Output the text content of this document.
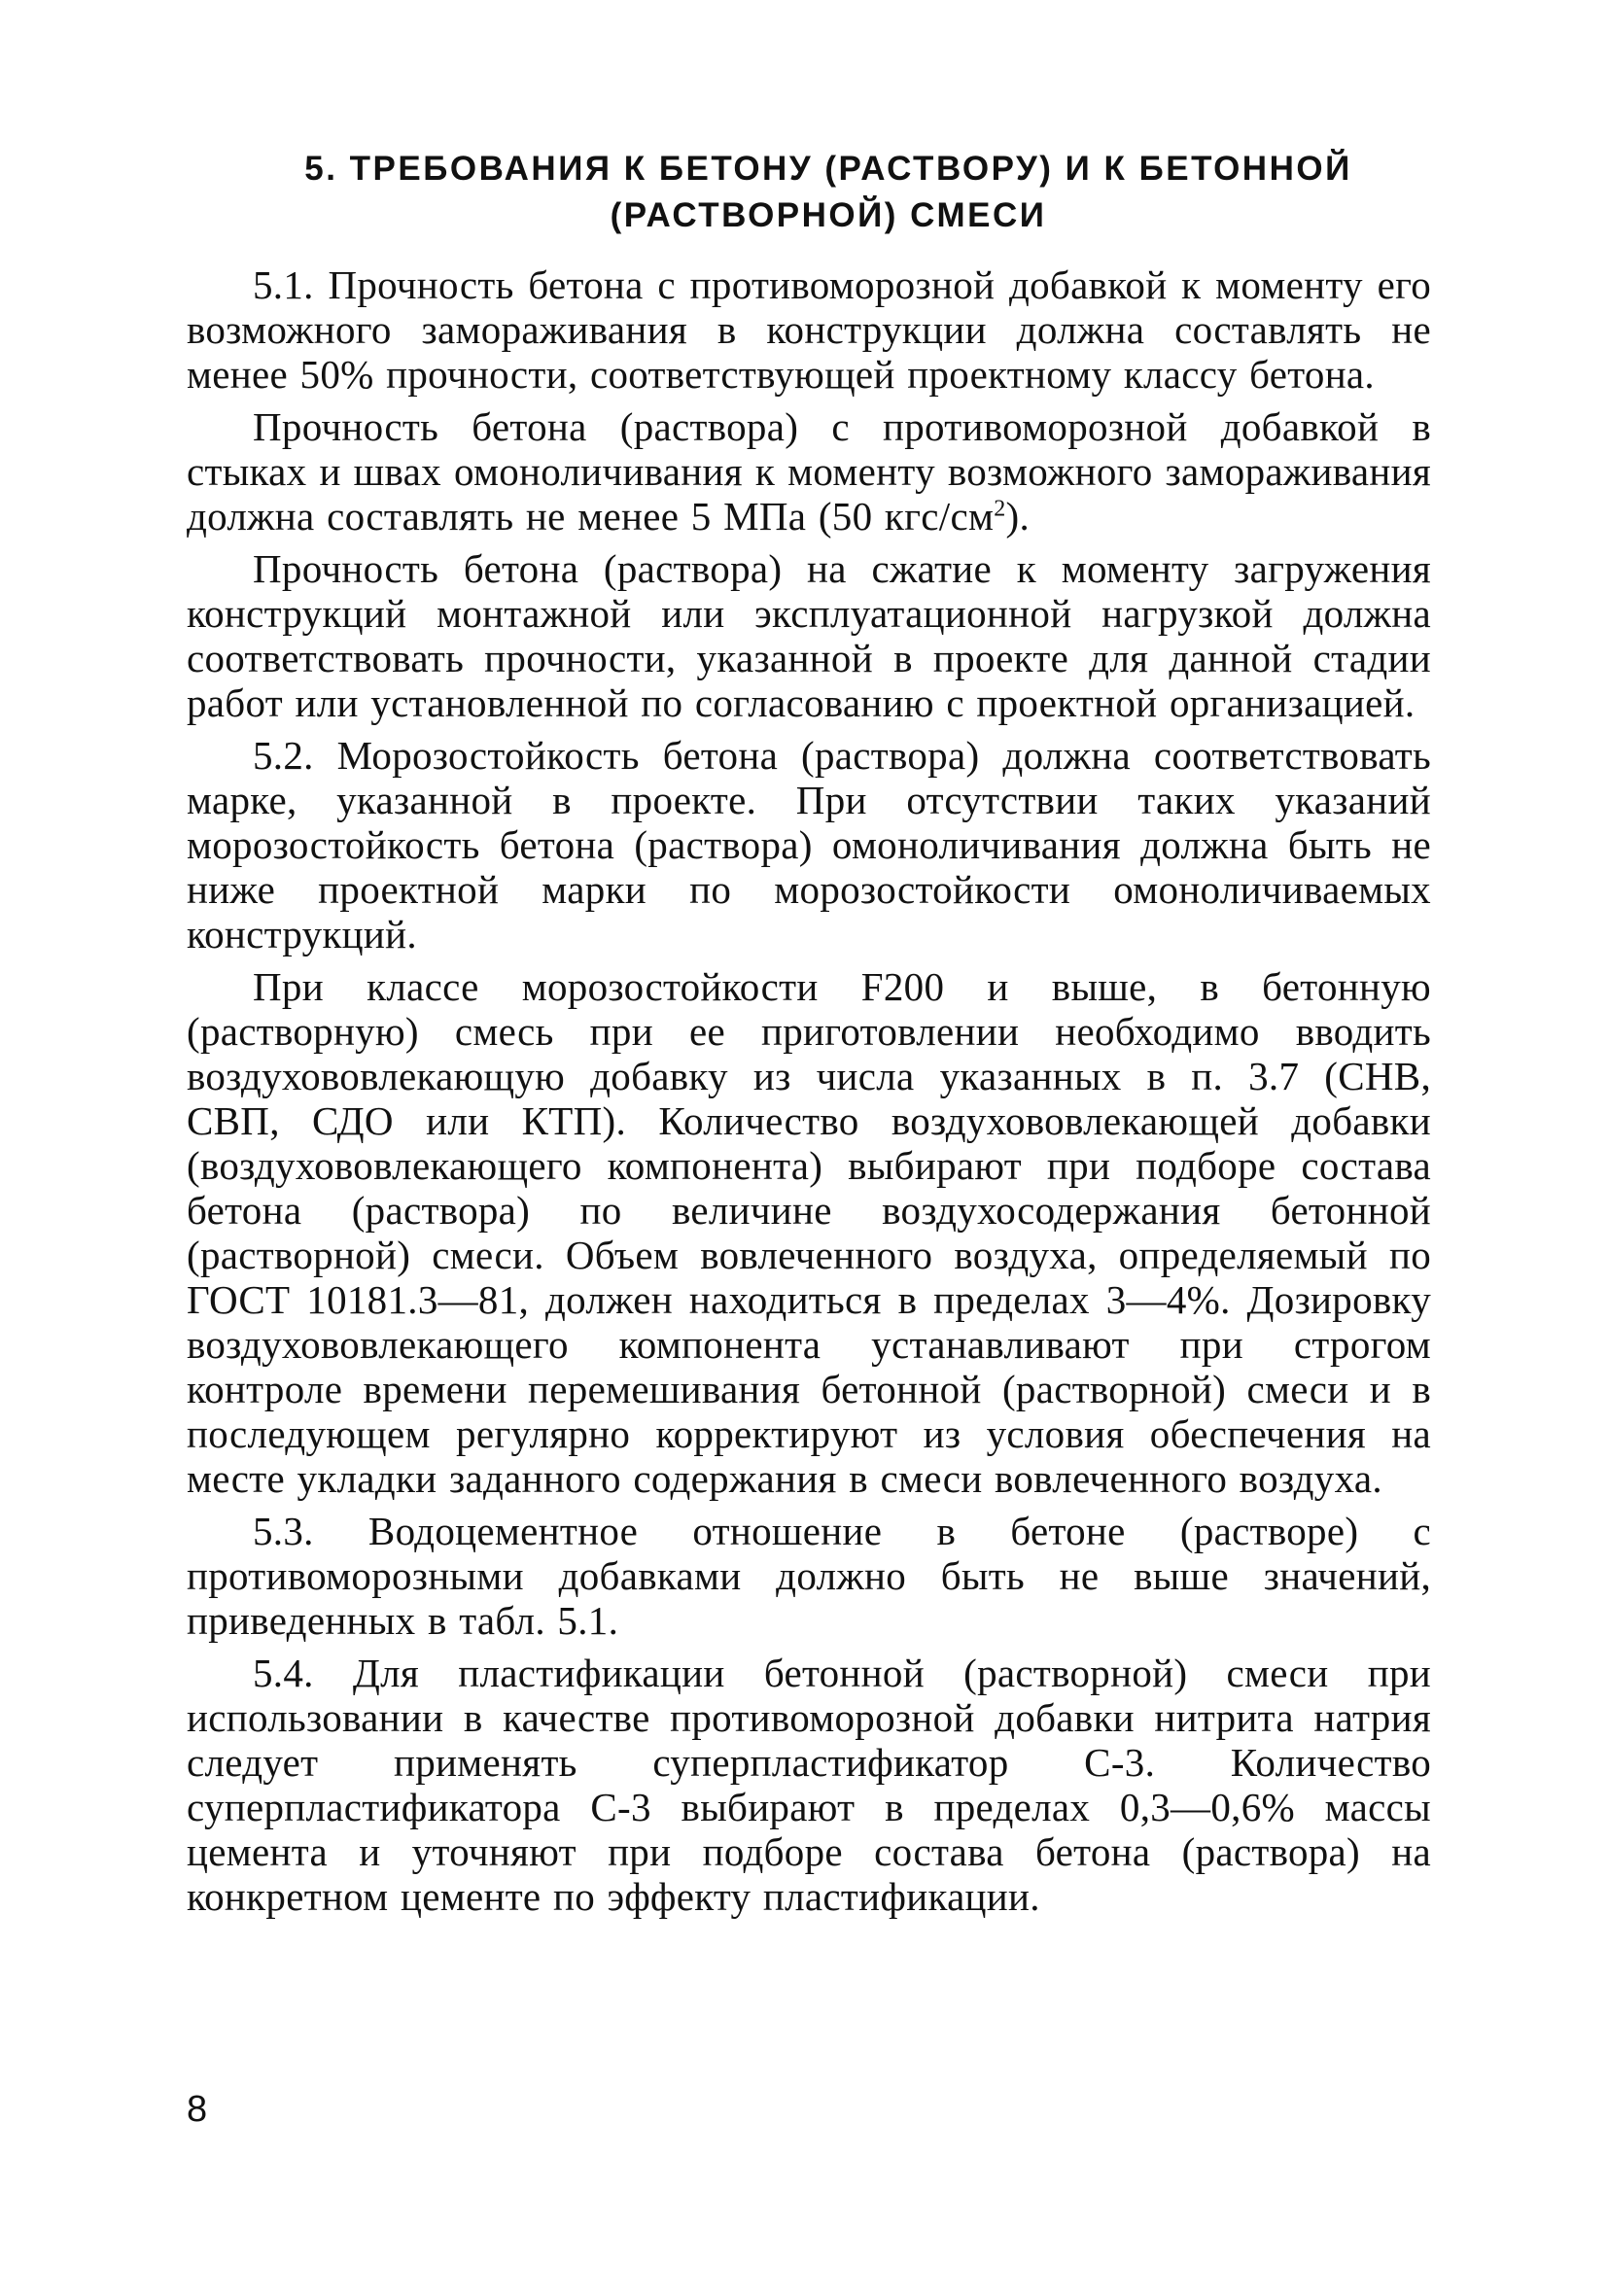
5. ТРЕБОВАНИЯ К БЕТОНУ (РАСТВОРУ) И К БЕТОННОЙ
(РАСТВОРНОЙ) СМЕСИ

5.1. Прочность бетона с противоморозной добавкой к моменту его возможного замораживания в конструкции должна составлять не менее 50% прочности, соответствующей проектному классу бетона.

Прочность бетона (раствора) с противоморозной добавкой в стыках и швах омоноличивания к моменту возможного замораживания должна составлять не менее 5 МПа (50 кгс/$см^2$).

Прочность бетона (раствора) на сжатие к моменту загружения конструкций монтажной или эксплуатационной нагрузкой должна соответствовать прочности, указанной в проекте для данной стадии работ или установленной по согласованию с проектной организацией.

5.2. Морозостойкость бетона (раствора) должна соответствовать марке, указанной в проекте. При отсутствии таких указаний морозостойкость бетона (раствора) омоноличивания должна быть не ниже проектной марки по морозостойкости омоноличиваемых конструкций.

При классе морозостойкости F200 и выше, в бетонную (растворную) смесь при ее приготовлении необходимо вводить воздухововлекающую добавку из числа указанных в п. 3.7 (СНВ, СВП, СДО или КТП). Количество воздухововлекающей добавки (воздухововлекающего компонента) выбирают при подборе состава бетона (раствора) по величине воздухосодержания бетонной (растворной) смеси. Объем вовлеченного воздуха, определяемый по ГОСТ 10181.3—81, должен находиться в пределах 3—4%. Дозировку воздухововлекающего компонента устанавливают при строгом контроле времени перемешивания бетонной (растворной) смеси и в последующем регулярно корректируют из условия обеспечения на месте укладки заданного содержания в смеси вовлеченного воздуха.

5.3. Водоцементное отношение в бетоне (растворе) с противоморозными добавками должно быть не выше значений, приведенных в табл. 5.1.

5.4. Для пластификации бетонной (растворной) смеси при использовании в качестве противоморозной добавки нитрита натрия следует применять суперпластификатор С-3. Количество суперпластификатора С-3 выбирают в пределах 0,3—0,6% массы цемента и уточняют при подборе состава бетона (раствора) на конкретном цементе по эффекту пластификации.

8
